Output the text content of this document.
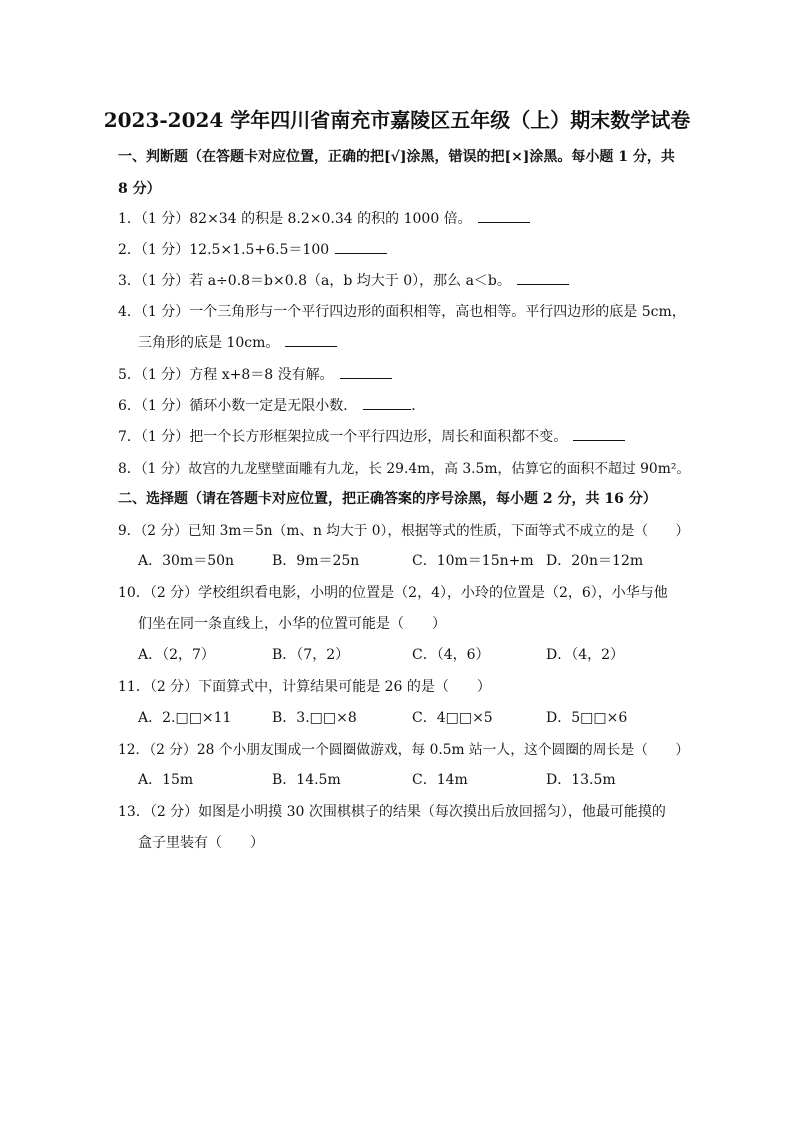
2023-2024 学年四川省南充市嘉陵区五年级（上）期末数学试卷
一、判断题（在答题卡对应位置，正确的把[√]涂黑，错误的把[×]涂黑。每小题 1 分，共
8 分）
1．（1 分）82×34 的积是 8.2×0.34 的积的 1000 倍。
2．（1 分）12.5×1.5+6.5＝100
3．（1 分）若 a÷0.8＝b×0.8（a，b 均大于 0），那么 a＜b。
4．（1 分）一个三角形与一个平行四边形的面积相等，高也相等。平行四边形的底是 5cm，
三角形的底是 10cm。
5．（1 分）方程 x+8＝8 没有解。
6．（1 分）循环小数一定是无限小数．	．
7．（1 分）把一个长方形框架拉成一个平行四边形，周长和面积都不变。
8．（1 分）故宫的九龙壁壁面雕有九龙，长 29.4m，高 3.5m，估算它的面积不超过 90m²。
二、选择题（请在答题卡对应位置，把正确答案的序号涂黑，每小题 2 分，共 16 分）
9．（2 分）已知 3m＝5n（m、n 均大于 0），根据等式的性质，下面等式不成立的是（　　）
A．30m＝50n	B．9m＝25n	C．10m＝15n+m D．20n＝12m
10．（2 分）学校组织看电影，小明的位置是（2，4），小玲的位置是（2，6），小华与他
们坐在同一条直线上，小华的位置可能是（　　）
A．（2，7）	B．（7，2）	C．（4，6）	D．（4，2）
11．（2 分）下面算式中，计算结果可能是 26 的是（　　）
A．2.□□×11	B．3.□□×8	C．4□□×5	D．5□□×6
12．（2 分）28 个小朋友围成一个圆圈做游戏，每 0.5m 站一人，这个圆圈的周长是（　　）
A．15m	B．14.5m	C．14m	D．13.5m
13．（2 分）如图是小明摸 30 次围棋棋子的结果（每次摸出后放回摇匀），他最可能摸的
盒子里装有（　　）
